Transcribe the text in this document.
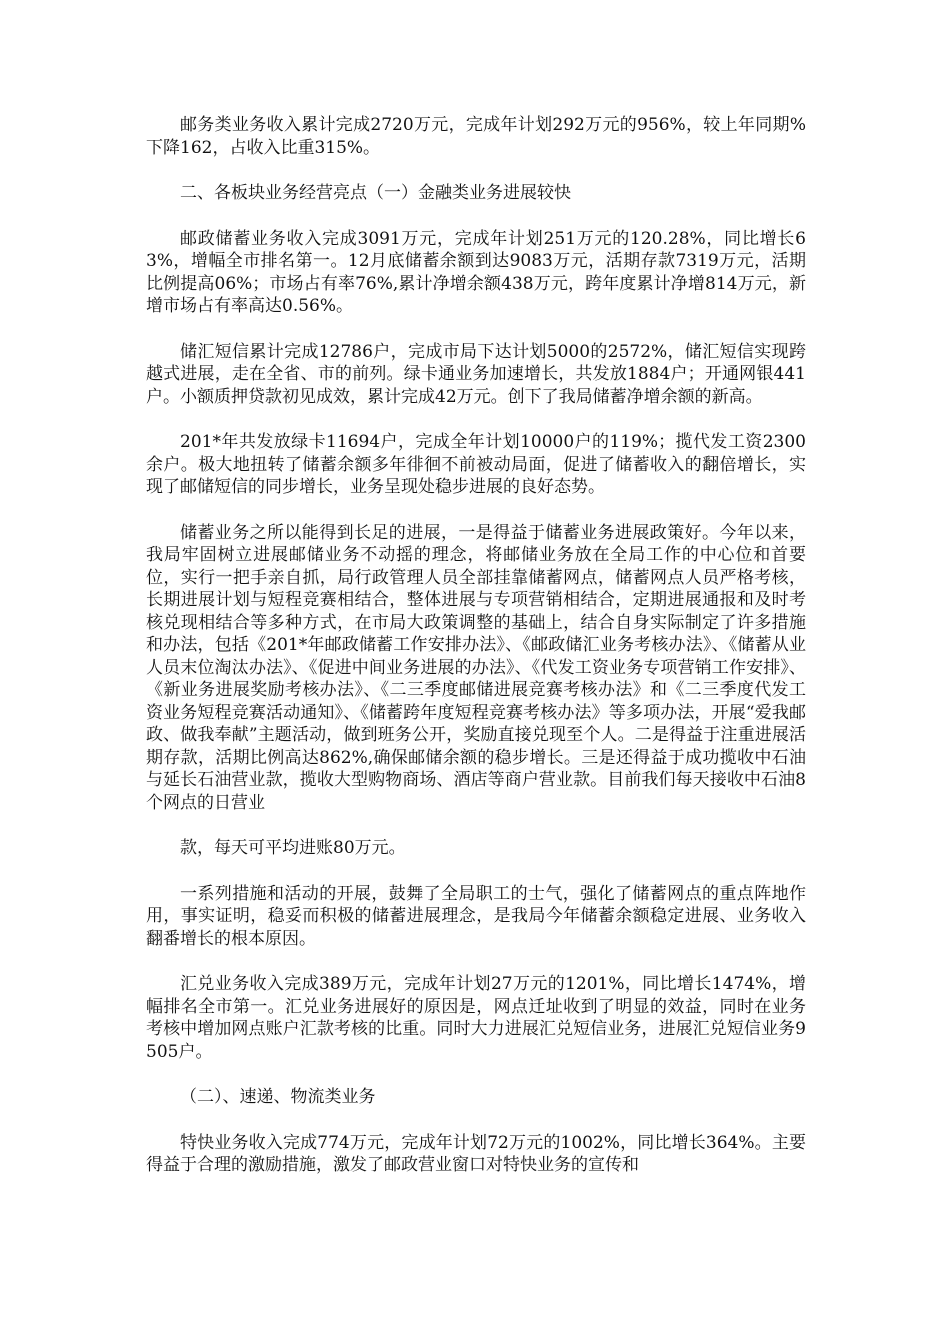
邮务类业务收入累计完成2720万元，完成年计划292万元的956%，较上年同期%下降162，占收入比重315%。

二、各板块业务经营亮点（一）金融类业务进展较快

邮政储蓄业务收入完成3091万元，完成年计划251万元的120.28%，同比增长63%，增幅全市排名第一。12月底储蓄余额到达9083万元，活期存款7319万元，活期比例提高06%；市场占有率76%,累计净增余额438万元，跨年度累计净增814万元，新增市场占有率高达0.56%。

储汇短信累计完成12786户，完成市局下达计划5000的2572%，储汇短信实现跨越式进展，走在全省、市的前列。绿卡通业务加速增长，共发放1884户；开通网银441户。小额质押贷款初见成效，累计完成42万元。创下了我局储蓄净增余额的新高。

201*年共发放绿卡11694户，完成全年计划10000户的119%；揽代发工资2300余户。极大地扭转了储蓄余额多年徘徊不前被动局面，促进了储蓄收入的翻倍增长，实现了邮储短信的同步增长，业务呈现处稳步进展的良好态势。

储蓄业务之所以能得到长足的进展，一是得益于储蓄业务进展政策好。今年以来，我局牢固树立进展邮储业务不动摇的理念，将邮储业务放在全局工作的中心位和首要位，实行一把手亲自抓，局行政管理人员全部挂靠储蓄网点，储蓄网点人员严格考核，长期进展计划与短程竞赛相结合，整体进展与专项营销相结合，定期进展通报和及时考核兑现相结合等多种方式，在市局大政策调整的基础上，结合自身实际制定了许多措施和办法，包括《201*年邮政储蓄工作安排办法》、《邮政储汇业务考核办法》、《储蓄从业人员末位淘汰办法》、《促进中间业务进展的办法》、《代发工资业务专项营销工作安排》、《新业务进展奖励考核办法》、《二三季度邮储进展竞赛考核办法》和《二三季度代发工资业务短程竞赛活动通知》、《储蓄跨年度短程竞赛考核办法》等多项办法，开展“爱我邮政、做我奉献”主题活动，做到班务公开，奖励直接兑现至个人。二是得益于注重进展活期存款，活期比例高达862%,确保邮储余额的稳步增长。三是还得益于成功揽收中石油与延长石油营业款，揽收大型购物商场、酒店等商户营业款。目前我们每天接收中石油8个网点的日营业

款，每天可平均进账80万元。

一系列措施和活动的开展，鼓舞了全局职工的士气，强化了储蓄网点的重点阵地作用，事实证明，稳妥而积极的储蓄进展理念，是我局今年储蓄余额稳定进展、业务收入翻番增长的根本原因。

汇兑业务收入完成389万元，完成年计划27万元的1201%，同比增长1474%，增幅排名全市第一。汇兑业务进展好的原因是，网点迁址收到了明显的效益，同时在业务考核中增加网点账户汇款考核的比重。同时大力进展汇兑短信业务，进展汇兑短信业务9505户。

（二）、速递、物流类业务

特快业务收入完成774万元，完成年计划72万元的1002%，同比增长364%。主要得益于合理的激励措施，激发了邮政营业窗口对特快业务的宣传和
